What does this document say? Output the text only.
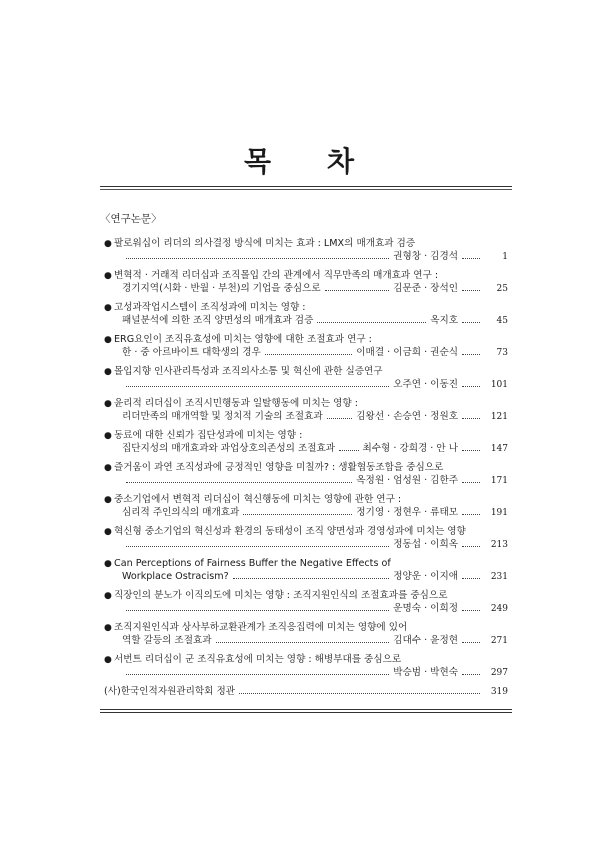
목 차
〈연구논문〉
● 팔로워십이 리더의 의사결정 방식에 미치는 효과 : LMX의 매개효과 검증
권형창 · 김경석	1
● 변혁적 · 거래적 리더십과 조직몰입 간의 관계에서 직무만족의 매개효과 연구 :
경기지역(시화 · 반월 · 부천)의 기업을 중심으로	김문준 · 장석인	25
● 고성과작업시스템이 조직성과에 미치는 영향 :
패널분석에 의한 조직 양면성의 매개효과 검증	옥지호	45
● ERG요인이 조직유효성에 미치는 영향에 대한 조절효과 연구 :
한 · 중 아르바이트 대학생의 경우	이매결 · 이금희 · 권순식	73
● 몰입지향 인사관리특성과 조직의사소통 및 혁신에 관한 실증연구
오주연 · 이동진	101
● 윤리적 리더십이 조직시민행동과 일탈행동에 미치는 영향 :
리더만족의 매개역할 및 정치적 기술의 조절효과	김왕선 · 손승연 · 정원호	121
● 동료에 대한 신뢰가 집단성과에 미치는 영향 :
집단지성의 매개효과와 과업상호의존성의 조절효과	최수형 · 강희경 · 안 나	147
● 즐거움이 과연 조직성과에 긍정적인 영향을 미칠까? : 생활협동조합을 중심으로
옥정원 · 엄성원 · 김한주	171
● 중소기업에서 변혁적 리더십이 혁신행동에 미치는 영향에 관한 연구 :
심리적 주인의식의 매개효과	정기영 · 정현우 · 류태모	191
● 혁신형 중소기업의 혁신성과 환경의 동태성이 조직 양면성과 경영성과에 미치는 영향
정동섭 · 이희옥	213
● Can Perceptions of Fairness Buffer the Negative Effects of
Workplace Ostracism?	정양운 · 이지애	231
● 직장인의 분노가 이직의도에 미치는 영향 : 조직지원인식의 조절효과를 중심으로
운명숙 · 이희정	249
● 조직지원인식과 상사부하교환관계가 조직응집력에 미치는 영향에 있어
역할 갈등의 조절효과	김대수 · 윤정현	271
● 서번트 리더십이 군 조직유효성에 미치는 영향 : 해병부대를 중심으로
박승범 · 박현숙	297
(사)한국인적자원관리학회 정관	319
